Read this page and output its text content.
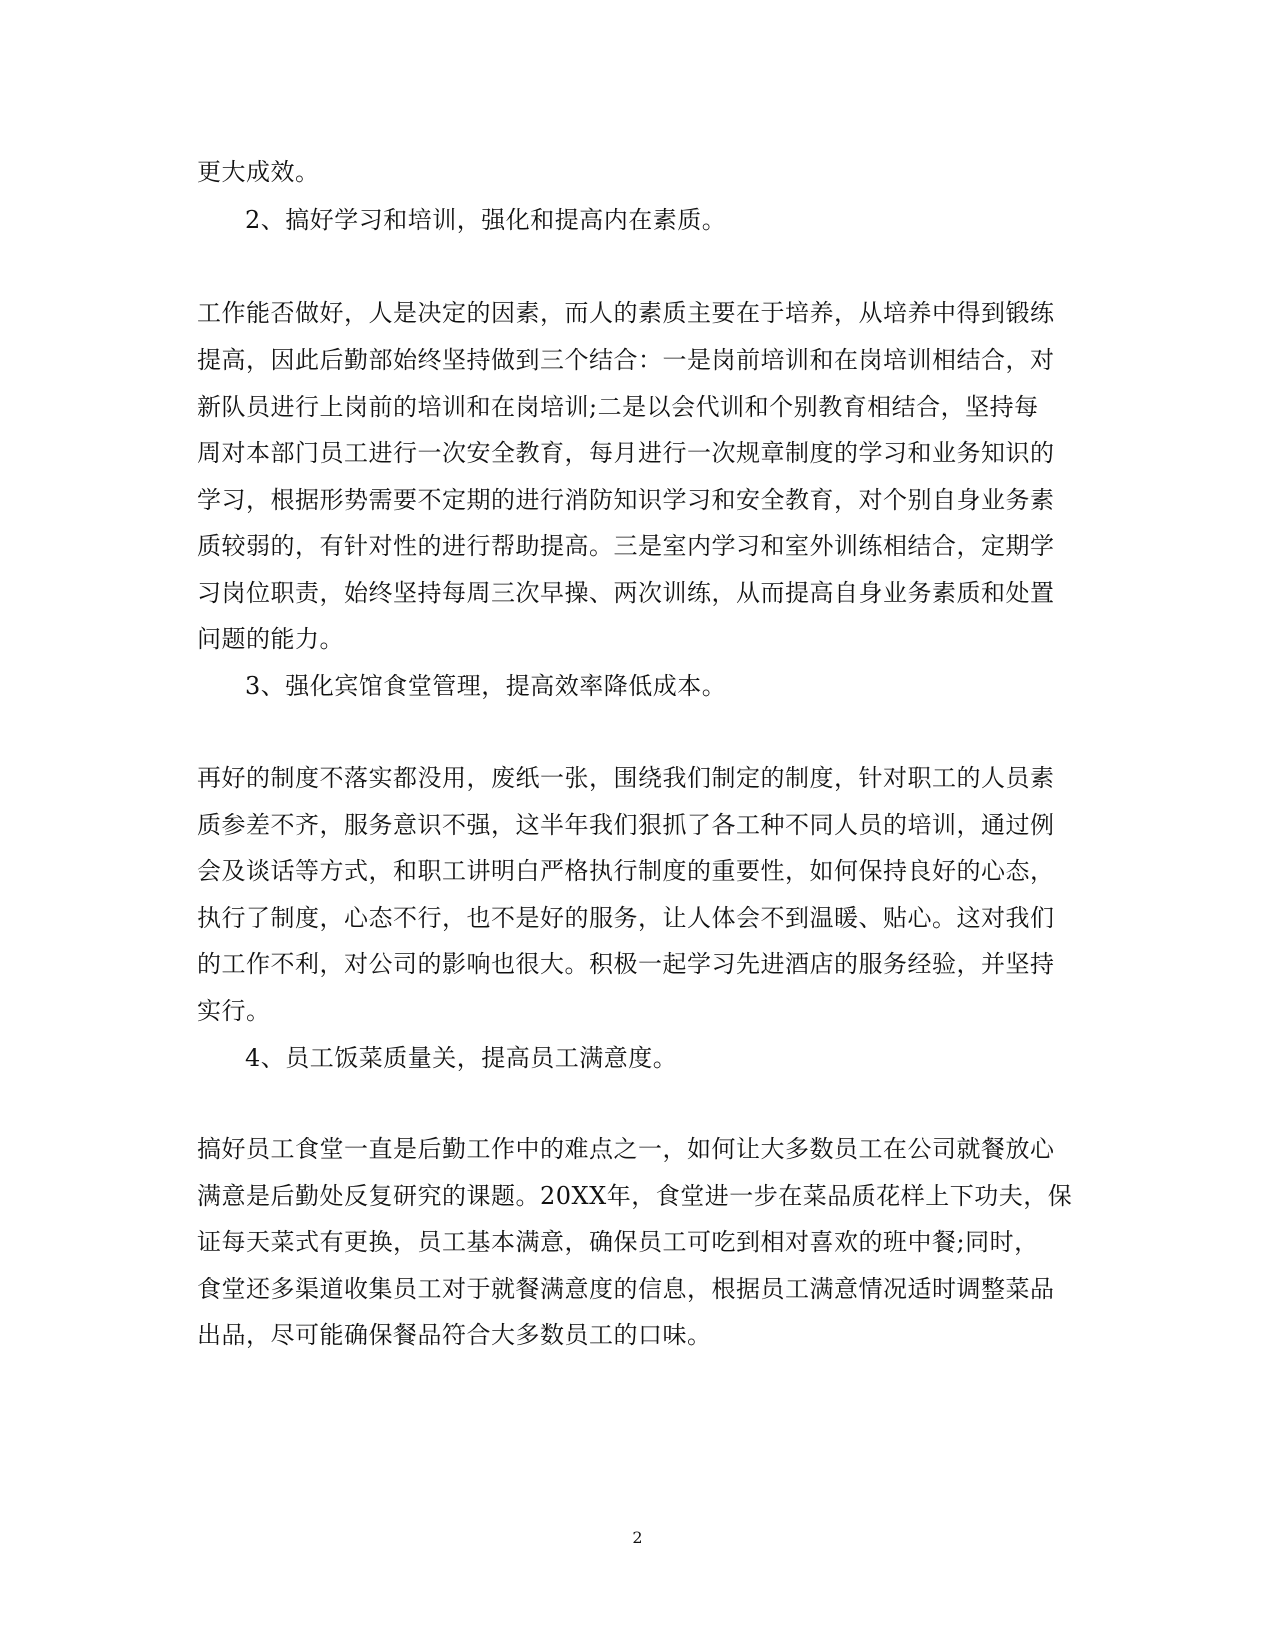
更大成效。
2、搞好学习和培训，强化和提高内在素质。
工作能否做好，人是决定的因素，而人的素质主要在于培养，从培养中得到锻练
提高，因此后勤部始终坚持做到三个结合：一是岗前培训和在岗培训相结合，对
新队员进行上岗前的培训和在岗培训;二是以会代训和个别教育相结合，坚持每
周对本部门员工进行一次安全教育，每月进行一次规章制度的学习和业务知识的
学习，根据形势需要不定期的进行消防知识学习和安全教育，对个别自身业务素
质较弱的，有针对性的进行帮助提高。三是室内学习和室外训练相结合，定期学
习岗位职责，始终坚持每周三次早操、两次训练，从而提高自身业务素质和处置
问题的能力。
3、强化宾馆食堂管理，提高效率降低成本。
再好的制度不落实都没用，废纸一张，围绕我们制定的制度，针对职工的人员素
质参差不齐，服务意识不强，这半年我们狠抓了各工种不同人员的培训，通过例
会及谈话等方式，和职工讲明白严格执行制度的重要性，如何保持良好的心态，
执行了制度，心态不行，也不是好的服务，让人体会不到温暖、贴心。这对我们
的工作不利，对公司的影响也很大。积极一起学习先进酒店的服务经验，并坚持
实行。
4、员工饭菜质量关，提高员工满意度。
搞好员工食堂一直是后勤工作中的难点之一，如何让大多数员工在公司就餐放心
满意是后勤处反复研究的课题。20XX年，食堂进一步在菜品质花样上下功夫，保
证每天菜式有更换，员工基本满意，确保员工可吃到相对喜欢的班中餐;同时，
食堂还多渠道收集员工对于就餐满意度的信息，根据员工满意情况适时调整菜品
出品，尽可能确保餐品符合大多数员工的口味。
2
